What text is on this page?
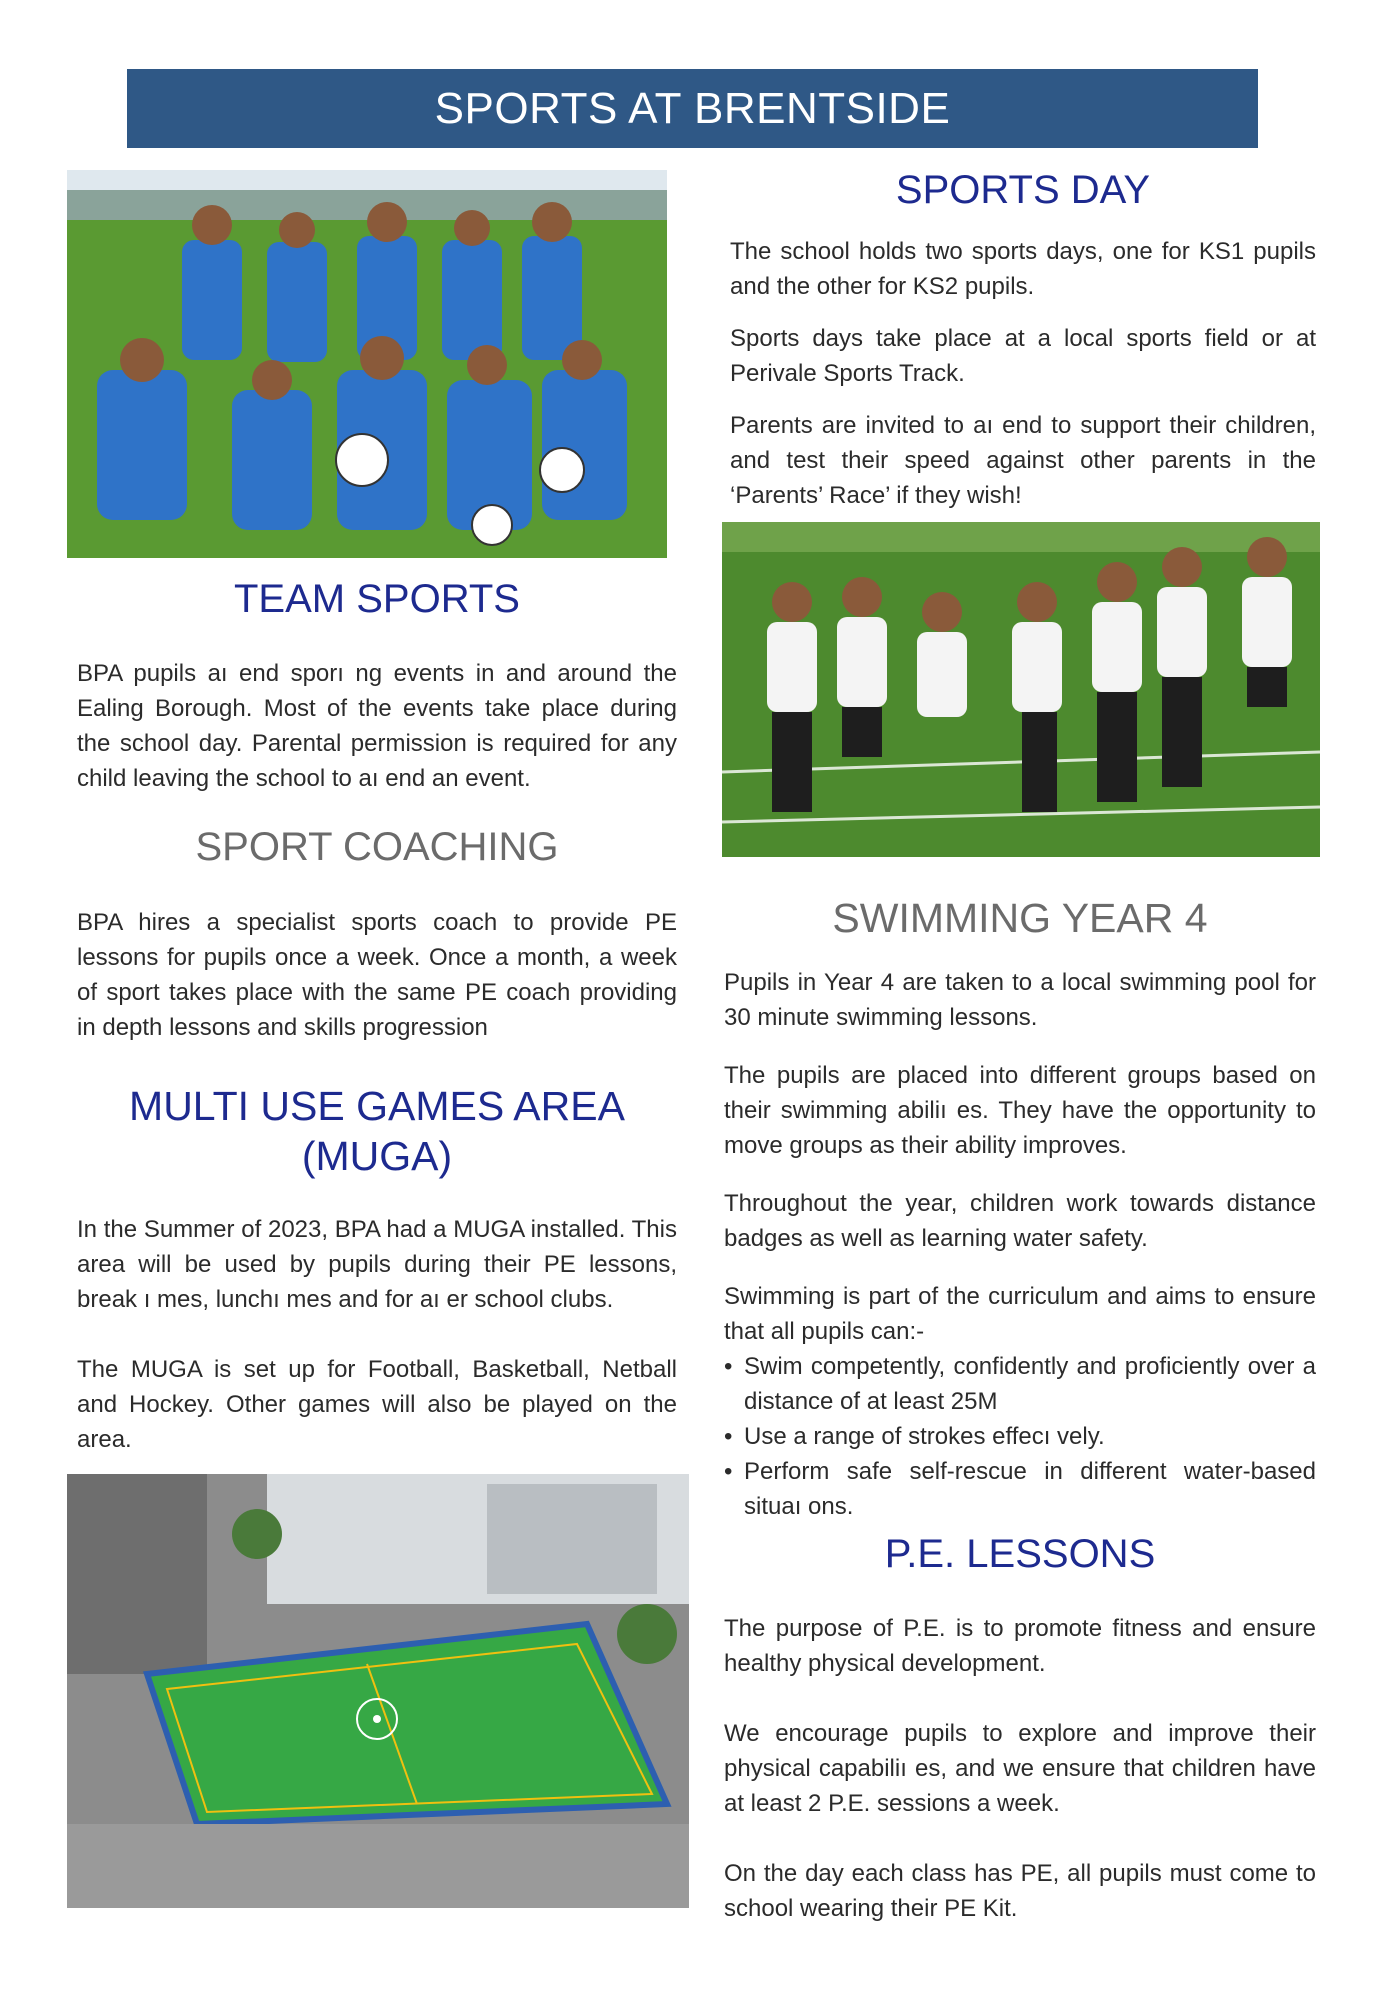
SPORTS AT BRENTSIDE
SPORTS DAY

The school holds two sports days, one for KS1 pupils and the other for KS2 pupils.

Sports days take place at a local sports field or at Perivale Sports Track.

Parents are invited to aı end to support their children, and test their speed against other parents in the ‘Parents’ Race’ if they wish!

TEAM SPORTS

BPA pupils aı end sporı ng events in and around the Ealing Borough. Most of the events take place during the school day. Parental permission is required for any child leaving the school to aı end an event.

SPORT COACHING

BPA hires a specialist sports coach to provide PE lessons for pupils once a week. Once a month, a week of sport takes place with the same PE coach providing in depth lessons and skills progression

MULTI USE GAMES AREA (MUGA)

In the Summer of 2023, BPA had a MUGA installed. This area will be used by pupils during their PE lessons, break ı mes, lunchı mes and for aı er school clubs.

The MUGA is set up for Football, Basketball, Netball and Hockey. Other games will also be played on the area.

SWIMMING YEAR 4

Pupils in Year 4 are taken to a local swimming pool for 30 minute swimming lessons.

The pupils are placed into different groups based on their swimming abiliı es. They have the opportunity to move groups as their ability improves.

Throughout the year, children work towards distance badges as well as learning water safety.

Swimming is part of the curriculum and aims to ensure that all pupils can:-

• Swim competently, confidently and proficiently over a distance of at least 25M
• Use a range of strokes effecı vely.
• Perform safe self-rescue in different water-based situaı ons.
P.E. LESSONS

The purpose of P.E. is to promote fitness and ensure healthy physical development.

We encourage pupils to explore and improve their physical capabiliı es, and we ensure that children have at least 2 P.E. sessions a week.

On the day each class has PE, all pupils must come to school wearing their PE Kit.
